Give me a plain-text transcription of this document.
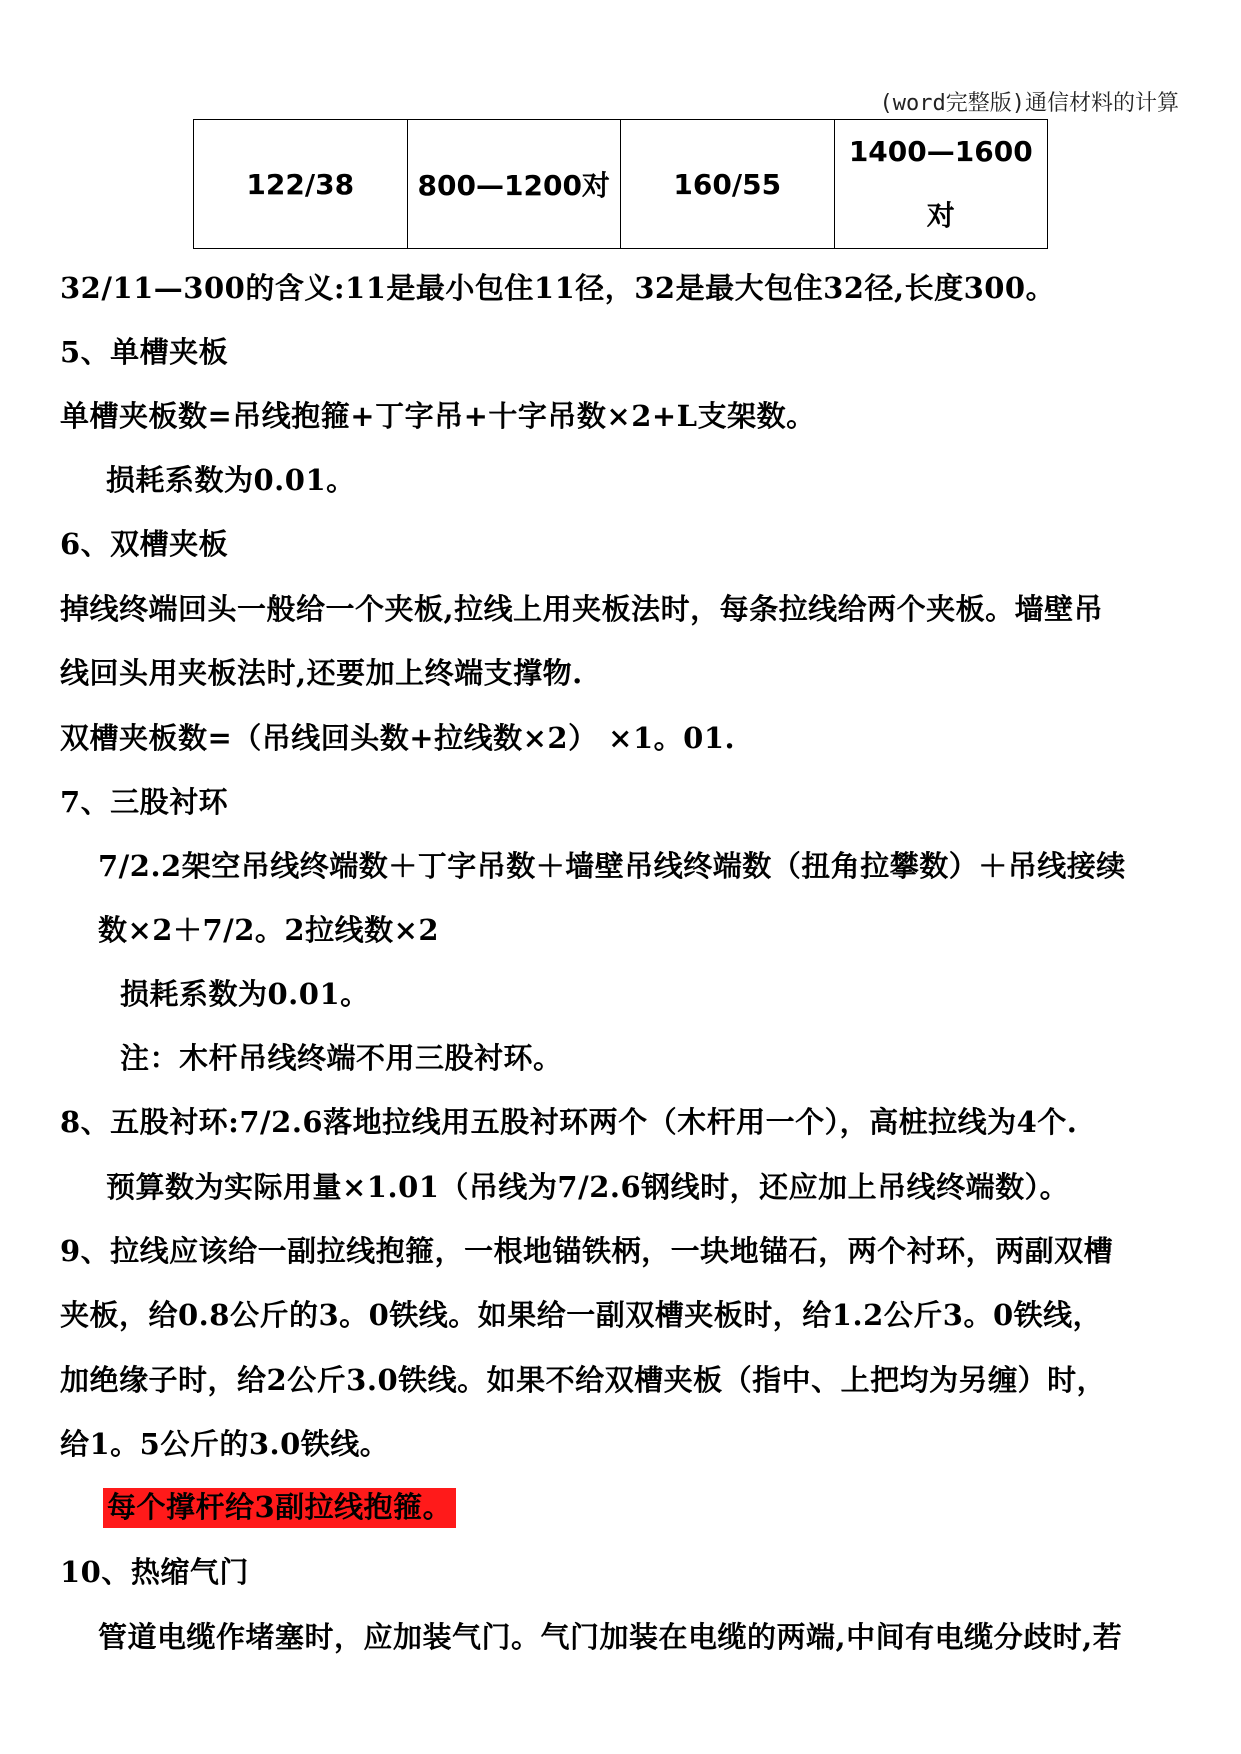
(word完整版)通信材料的计算
122/38	800—1200对	160/55	1400—1600对
32/11—300的含义:11是最小包住11径，32是最大包住32径,长度300。
5、单槽夹板
单槽夹板数=吊线抱箍+丁字吊+十字吊数×2+L支架数。
损耗系数为0.01。
6、双槽夹板
掉线终端回头一般给一个夹板,拉线上用夹板法时，每条拉线给两个夹板。墙壁吊
线回头用夹板法时,还要加上终端支撑物.
双槽夹板数=（吊线回头数+拉线数×2） ×1。01.
7、三股衬环
7/2.2架空吊线终端数＋丁字吊数＋墙壁吊线终端数（扭角拉攀数）＋吊线接续
数×2＋7/2。2拉线数×2
损耗系数为0.01。
注：木杆吊线终端不用三股衬环。
8、五股衬环:7/2.6落地拉线用五股衬环两个（木杆用一个），高桩拉线为4个.
预算数为实际用量×1.01（吊线为7/2.6钢线时，还应加上吊线终端数）。
9、拉线应该给一副拉线抱箍，一根地锚铁柄，一块地锚石，两个衬环，两副双槽
夹板，给0.8公斤的3。0铁线。如果给一副双槽夹板时，给1.2公斤3。0铁线，
加绝缘子时，给2公斤3.0铁线。如果不给双槽夹板（指中、上把均为另缠）时，
给1。5公斤的3.0铁线。
每个撑杆给3副拉线抱箍。
10、热缩气门
管道电缆作堵塞时，应加装气门。气门加装在电缆的两端,中间有电缆分歧时,若
